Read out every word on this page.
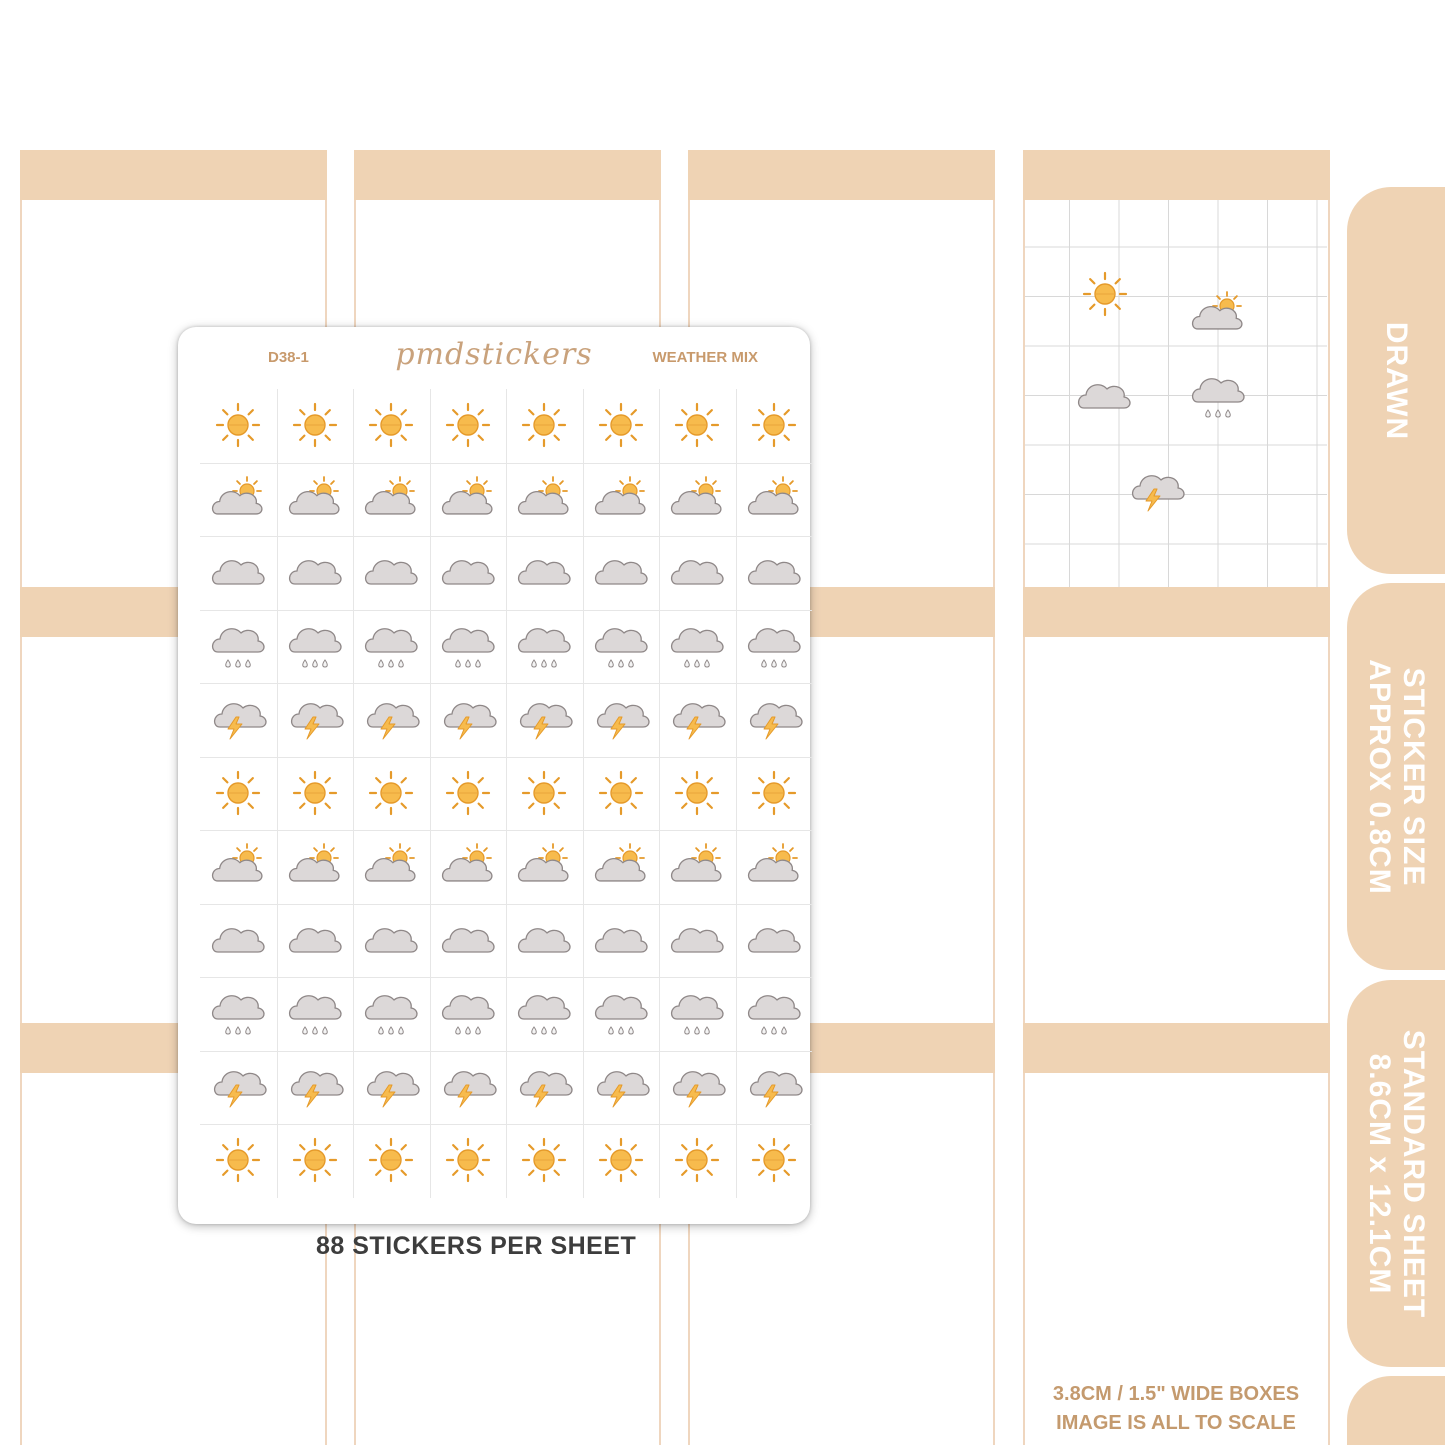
DRAWN
STICKER SIZE
APPROX 0.8CM
STANDARD SHEET
8.6CM x 12.1CM
D38-1	pmdstickers	WEATHER MIX
88 STICKERS PER SHEET
3.8CM / 1.5" WIDE BOXES
IMAGE IS ALL TO SCALE
